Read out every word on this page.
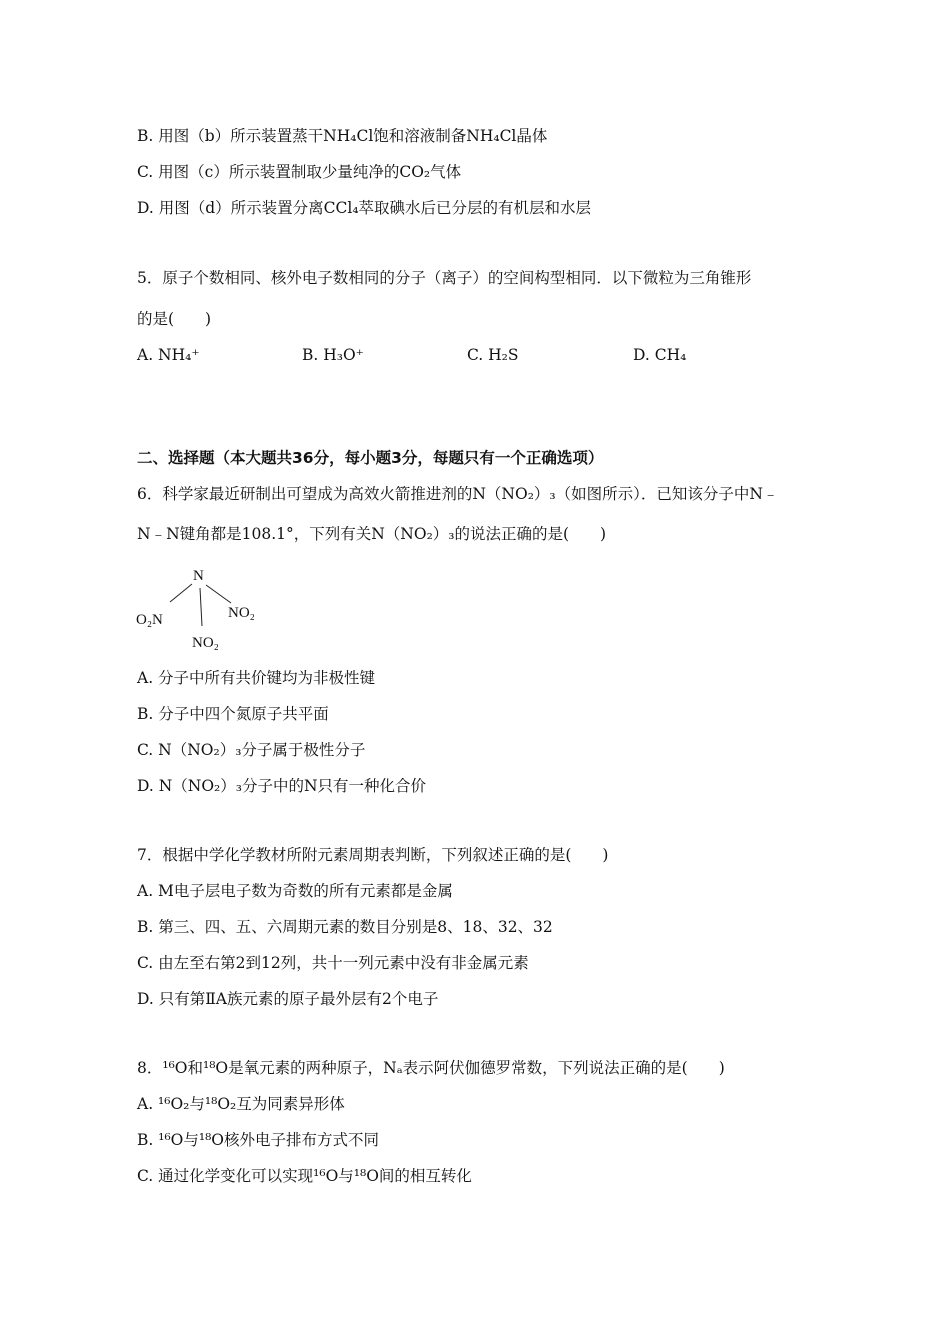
B. 用图（b）所示装置蒸干NH₄Cl饱和溶液制备NH₄Cl晶体
C. 用图（c）所示装置制取少量纯净的CO₂气体
D. 用图（d）所示装置分离CCl₄萃取碘水后已分层的有机层和水层
5．原子个数相同、核外电子数相同的分子（离子）的空间构型相同．以下微粒为三角锥形
的是(　　)
A. NH₄⁺	B. H₃O⁺	C. H₂S	D. CH₄
二、选择题（本大题共36分，每小题3分，每题只有一个正确选项）
6．科学家最近研制出可望成为高效火箭推进剂的N（NO₂）₃（如图所示）．已知该分子中N﹣
N﹣N键角都是108.1°，下列有关N（NO₂）₃的说法正确的是(　　)
N
O₂N	NO₂
NO₂
A. 分子中所有共价键均为非极性键
B. 分子中四个氮原子共平面
C. N（NO₂）₃分子属于极性分子
D. N（NO₂）₃分子中的N只有一种化合价
7．根据中学化学教材所附元素周期表判断，下列叙述正确的是(　　)
A. M电子层电子数为奇数的所有元素都是金属
B. 第三、四、五、六周期元素的数目分别是8、18、32、32
C. 由左至右第2到12列，共十一列元素中没有非金属元素
D. 只有第ⅡA族元素的原子最外层有2个电子
8．¹⁶O和¹⁸O是氧元素的两种原子，Nₐ表示阿伏伽德罗常数，下列说法正确的是(　　)
A. ¹⁶O₂与¹⁸O₂互为同素异形体
B. ¹⁶O与¹⁸O核外电子排布方式不同
C. 通过化学变化可以实现¹⁶O与¹⁸O间的相互转化
